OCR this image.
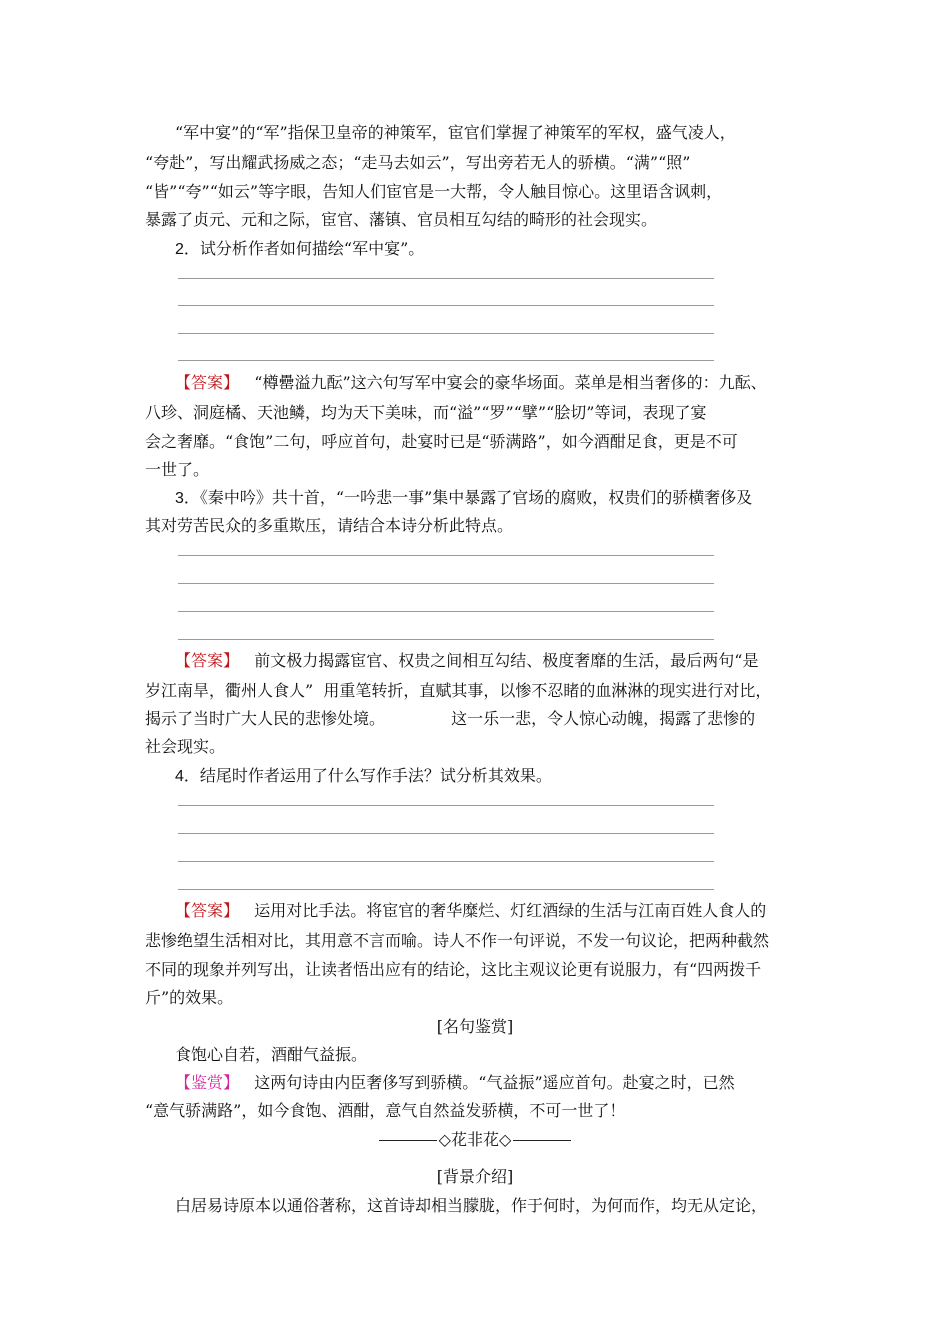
“军中宴”的“军”指保卫皇帝的神策军，宦官们掌握了神策军的军权，盛气凌人，
“夸赴”，写出耀武扬威之态；“走马去如云”，写出旁若无人的骄横。“满”“照”
“皆”“夸”“如云”等字眼，告知人们宦官是一大帮，令人触目惊心。这里语含讽刺，
暴露了贞元、元和之际，宦官、藩镇、官员相互勾结的畸形的社会现实。
2．试分析作者如何描绘“军中宴”。
【答案】 “樽罍溢九酝”这六句写军中宴会的豪华场面。菜单是相当奢侈的：九酝、
八珍、洞庭橘、天池鳞，均为天下美味，而“溢”“罗”“擘”“脍切”等词，表现了宴
会之奢靡。“食饱”二句，呼应首句，赴宴时已是“骄满路”，如今酒酣足食，更是不可
一世了。
3．《秦中吟》共十首，“一吟悲一事”集中暴露了官场的腐败，权贵们的骄横奢侈及
其对劳苦民众的多重欺压，请结合本诗分析此特点。
【答案】 前文极力揭露宦官、权贵之间相互勾结、极度奢靡的生活，最后两句“是
岁江南旱，衢州人食人”  用重笔转折，直赋其事，以惨不忍睹的血淋淋的现实进行对比，
揭示了当时广大人民的悲惨处境。             这一乐一悲，令人惊心动魄，揭露了悲惨的
社会现实。
4．结尾时作者运用了什么写作手法？试分析其效果。
【答案】 运用对比手法。将宦官的奢华糜烂、灯红酒绿的生活与江南百姓人食人的
悲惨绝望生活相对比，其用意不言而喻。诗人不作一句评说，不发一句议论，把两种截然
不同的现象并列写出，让读者悟出应有的结论，这比主观议论更有说服力，有“四两拨千
斤”的效果。
[名句鉴赏]
食饱心自若，酒酣气益振。
【鉴赏】 这两句诗由内臣奢侈写到骄横。“气益振”遥应首句。赴宴之时，已然
“意气骄满路”，如今食饱、酒酣，意气自然益发骄横，不可一世了！
◇花非花◇
[背景介绍]
白居易诗原本以通俗著称，这首诗却相当朦胧，作于何时，为何而作，均无从定论，
